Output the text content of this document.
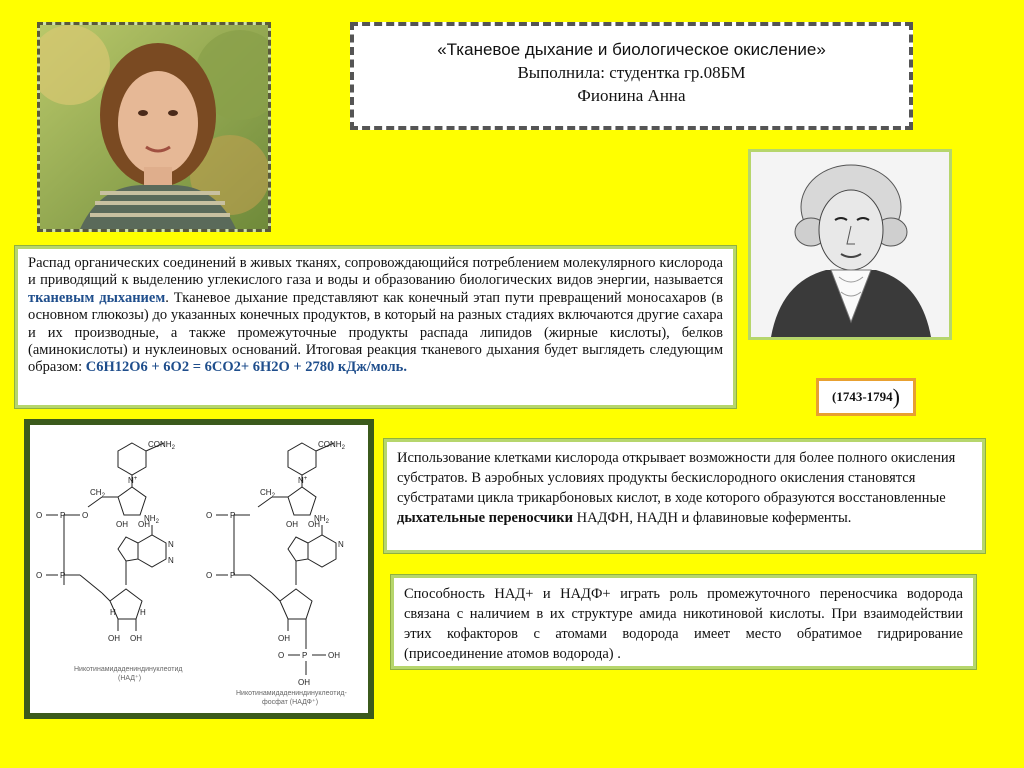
«Тканевое дыхание и биологическое окисление»
Выполнила: студентка гр.08БМ
Фионина Анна
(1743-1794 )
Распад органических соединений в живых тканях, сопровождающийся потреблением молекулярного кислорода и приводящий к выделению углекислого газа и воды и образованию биологических видов энергии, называется тканевым дыханием. Тканевое дыхание представляют как конечный этап пути превращений моносахаров (в основном глюкозы) до указанных конечных продуктов, в который на разных стадиях включаются другие сахара и их производные, а также промежуточные продукты распада липидов (жирные кислоты), белков (аминокислоты) и нуклеиновых оснований. Итоговая реакция тканевого дыхания будет выглядеть следующим образом: С6Н12О6 + 6О2 = 6СО2+ 6Н2О + 2780 кДж/моль.
$CONH_2$
N+
$CH_2$
P
O	O
OH OH
P
O
$NH_2$
N
N
OH OH
H	H
Никотинамидадениндинуклеотид
(НАД⁺)
$CONH_2$
N+
$CH_2$
P
O
P
O
OH OH
$NH_2$
N
OH
P	OH
O
OH
Никотинамидадениндинуклеотид-
фосфат (НАДФ⁺)
Использование клетками кислорода открывает возможности для более полного окисления субстратов. В аэробных условиях продукты бескислородного окисления становятся субстратами цикла трикарбоновых кислот, в ходе которого образуются восстановленные дыхательные переносчики НАДФН, НАДН и флавиновые коферменты.
Способность НАД+ и НАДФ+ играть роль промежуточного переносчика водорода связана с наличием в их структуре амида никотиновой кислоты. При взаимодействии этих кофакторов с атомами водорода имеет место обратимое гидрирование (присоединение атомов водорода) .
